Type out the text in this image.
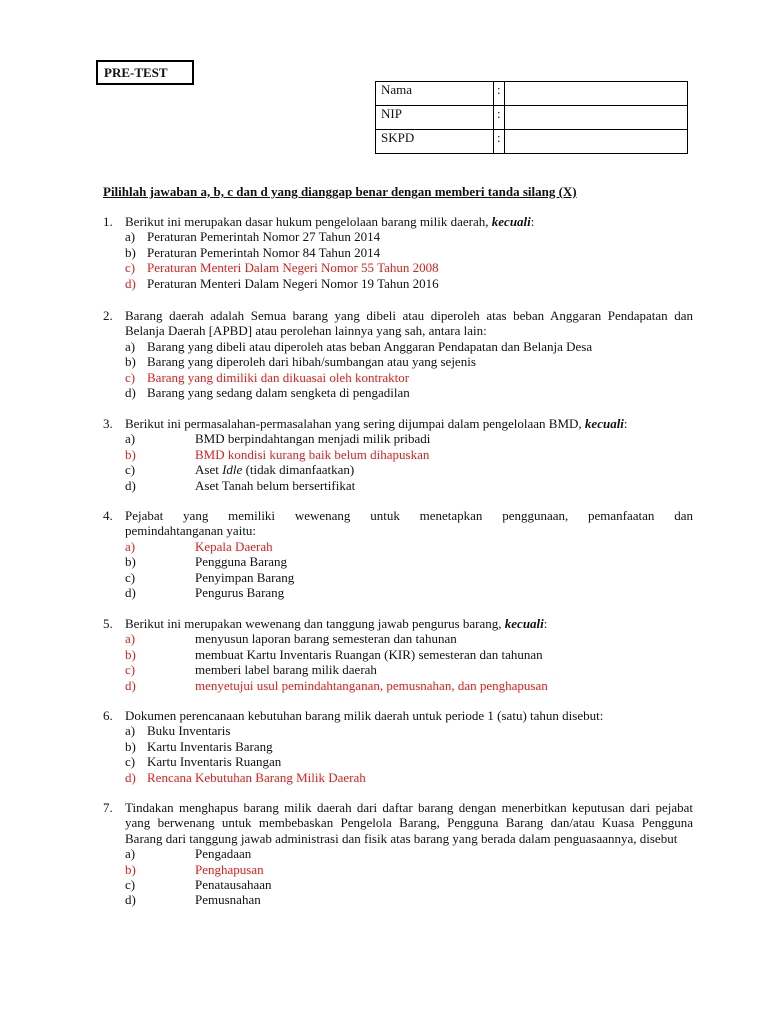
PRE-TEST
Nama	:	
NIP	:	
SKPD	:	
Pilihlah jawaban a, b, c dan d yang dianggap benar dengan memberi tanda silang (X)
1. Berikut ini merupakan dasar hukum pengelolaan barang milik daerah, kecuali:
a) Peraturan Pemerintah Nomor 27 Tahun 2014
b) Peraturan Pemerintah Nomor 84 Tahun 2014
c) Peraturan Menteri Dalam Negeri Nomor 55 Tahun 2008
d) Peraturan Menteri Dalam Negeri Nomor 19 Tahun 2016
2. Barang daerah adalah Semua barang yang dibeli atau diperoleh atas beban Anggaran Pendapatan dan Belanja Daerah [APBD] atau perolehan lainnya yang sah, antara lain:
a) Barang yang dibeli atau diperoleh atas beban Anggaran Pendapatan dan Belanja Desa
b) Barang yang diperoleh dari hibah/sumbangan atau yang sejenis
c) Barang yang dimiliki dan dikuasai oleh kontraktor
d) Barang yang sedang dalam sengketa di pengadilan
3. Berikut ini permasalahan-permasalahan yang sering dijumpai dalam pengelolaan BMD, kecuali:
a)	BMD berpindahtangan menjadi milik pribadi
b)	BMD kondisi kurang baik belum dihapuskan
c)	Aset Idle (tidak dimanfaatkan)
d)	Aset Tanah belum bersertifikat
4. Pejabat yang memiliki wewenang untuk menetapkan penggunaan, pemanfaatan dan
pemindahtanganan yaitu:
a)	Kepala Daerah
b)	Pengguna Barang
c)	Penyimpan Barang
d)	Pengurus Barang
5. Berikut ini merupakan wewenang dan tanggung jawab pengurus barang, kecuali:
a)	menyusun laporan barang semesteran dan tahunan
b)	membuat Kartu Inventaris Ruangan (KIR) semesteran dan tahunan
c)	memberi label barang milik daerah
d)	menyetujui usul pemindahtanganan, pemusnahan, dan penghapusan
6. Dokumen perencanaan kebutuhan barang milik daerah untuk periode 1 (satu) tahun disebut:
a) Buku Inventaris
b) Kartu Inventaris Barang
c) Kartu Inventaris Ruangan
d) Rencana Kebutuhan Barang Milik Daerah
7. Tindakan menghapus barang milik daerah dari daftar barang dengan menerbitkan keputusan dari pejabat yang berwenang untuk membebaskan Pengelola Barang, Pengguna Barang dan/atau Kuasa Pengguna Barang dari tanggung jawab administrasi dan fisik atas barang yang berada dalam penguasaannya, disebut
a)	Pengadaan
b)	Penghapusan
c)	Penatausahaan
d)	Pemusnahan
